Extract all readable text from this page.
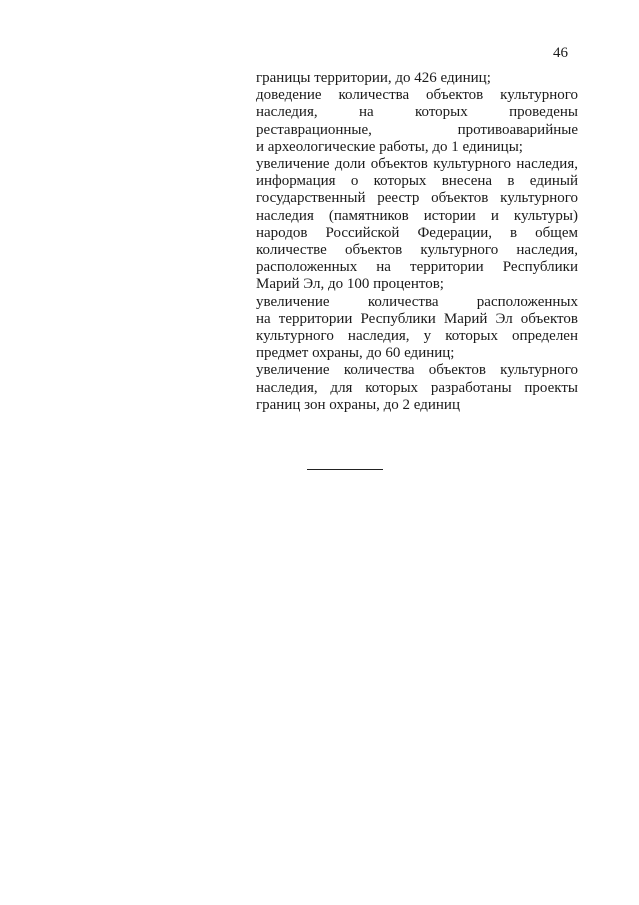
46

границы территории, до 426 единиц;

доведение количества объектов культурного
наследия, на которых проведены
реставрационные, противоаварийные
и археологические работы, до 1 единицы;

увеличение доли объектов культурного наследия,
информация о которых внесена в единый
государственный реестр объектов культурного
наследия (памятников истории и культуры)
народов Российской Федерации, в общем
количестве объектов культурного наследия,
расположенных на территории Республики
Марий Эл, до 100 процентов;

увеличение количества расположенных
на территории Республики Марий Эл объектов
культурного наследия, у которых определен
предмет охраны, до 60 единиц;

увеличение количества объектов культурного
наследия, для которых разработаны проекты
границ зон охраны, до 2 единиц
